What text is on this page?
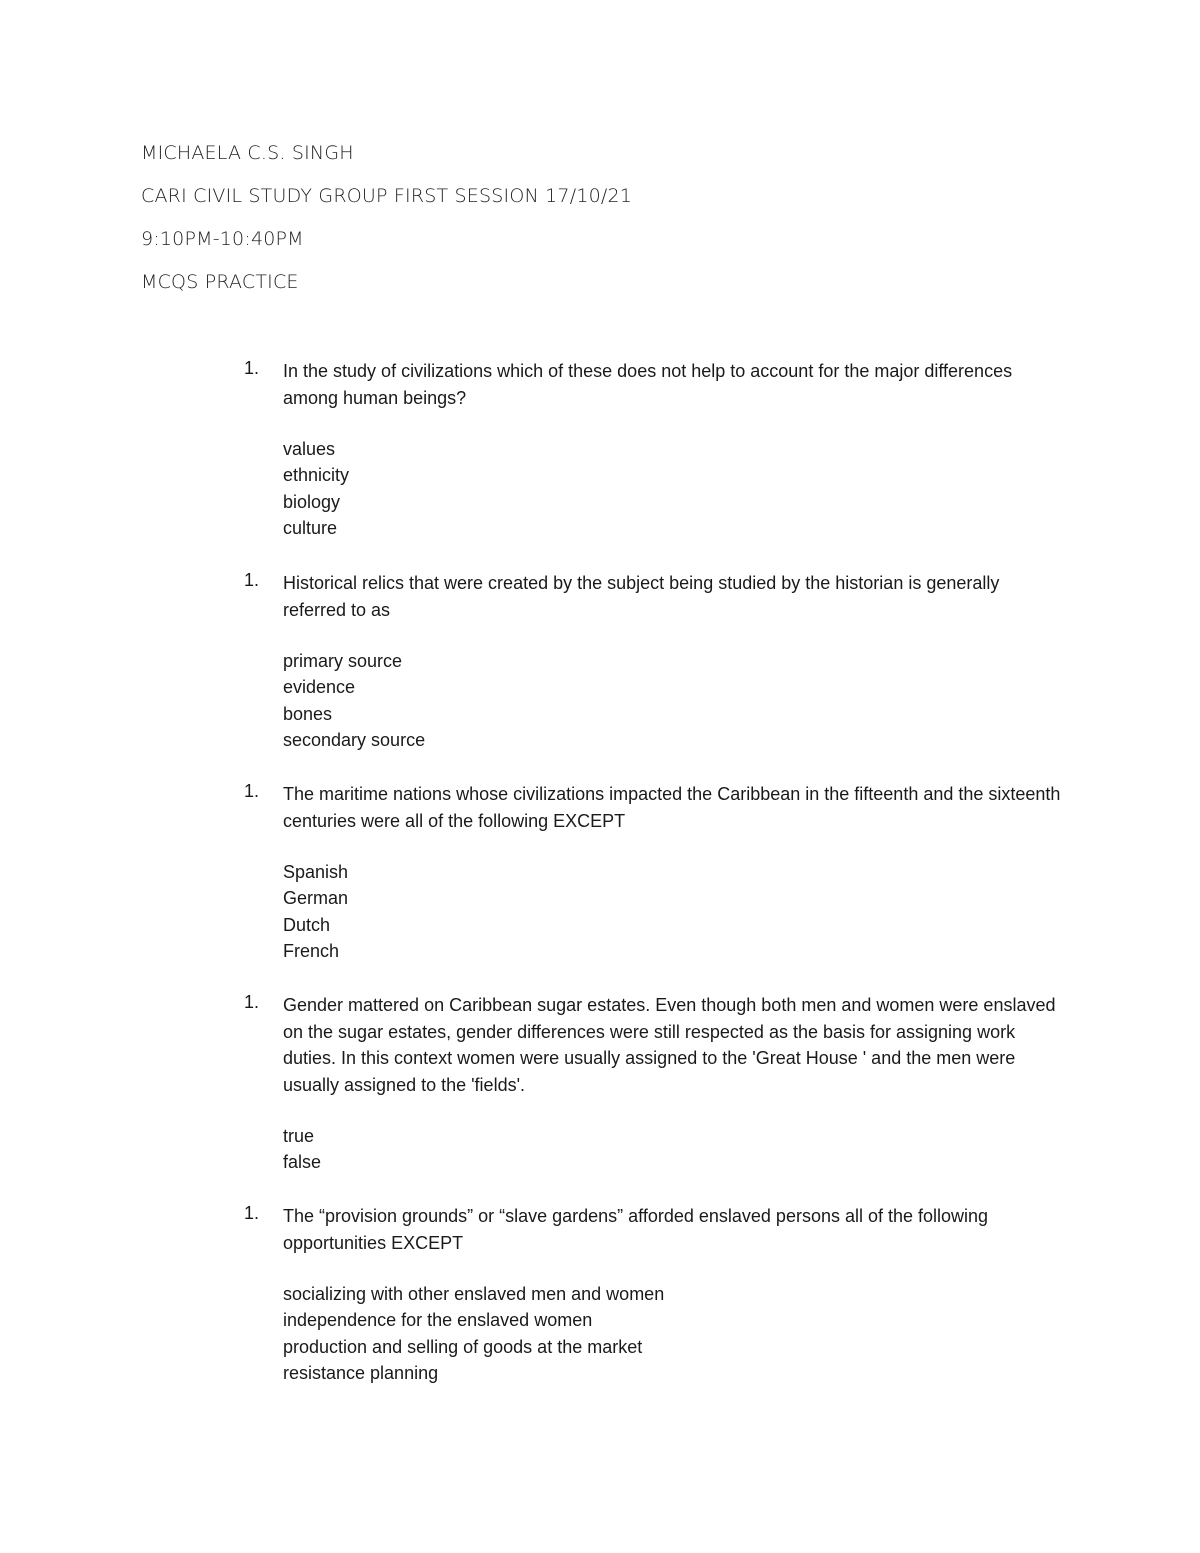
MICHAELA C.S. SINGH

CARI CIVIL STUDY GROUP FIRST SESSION 17/10/21

9:10PM-10:40PM

MCQS PRACTICE

1.	In the study of civilizations which of these does not help to account for the major differences among human beings?
values
ethnicity
biology
culture
1.	Historical relics that were created by the subject being studied by the historian is generally referred to as
primary source
evidence
bones
secondary source
1.	The maritime nations whose civilizations impacted the Caribbean in the fifteenth and the sixteenth centuries were all of the following EXCEPT
Spanish
German
Dutch
French
1.	Gender mattered on Caribbean sugar estates. Even though both men and women were enslaved on the sugar estates, gender differences were still respected as the basis for assigning work duties. In this context women were usually assigned to the 'Great House ' and the men were usually assigned to the 'fields'.
true
false
1.	The “provision grounds” or “slave gardens” afforded enslaved persons all of the following opportunities EXCEPT
socializing with other enslaved men and women
independence for the enslaved women
production and selling of goods at the market
resistance planning
